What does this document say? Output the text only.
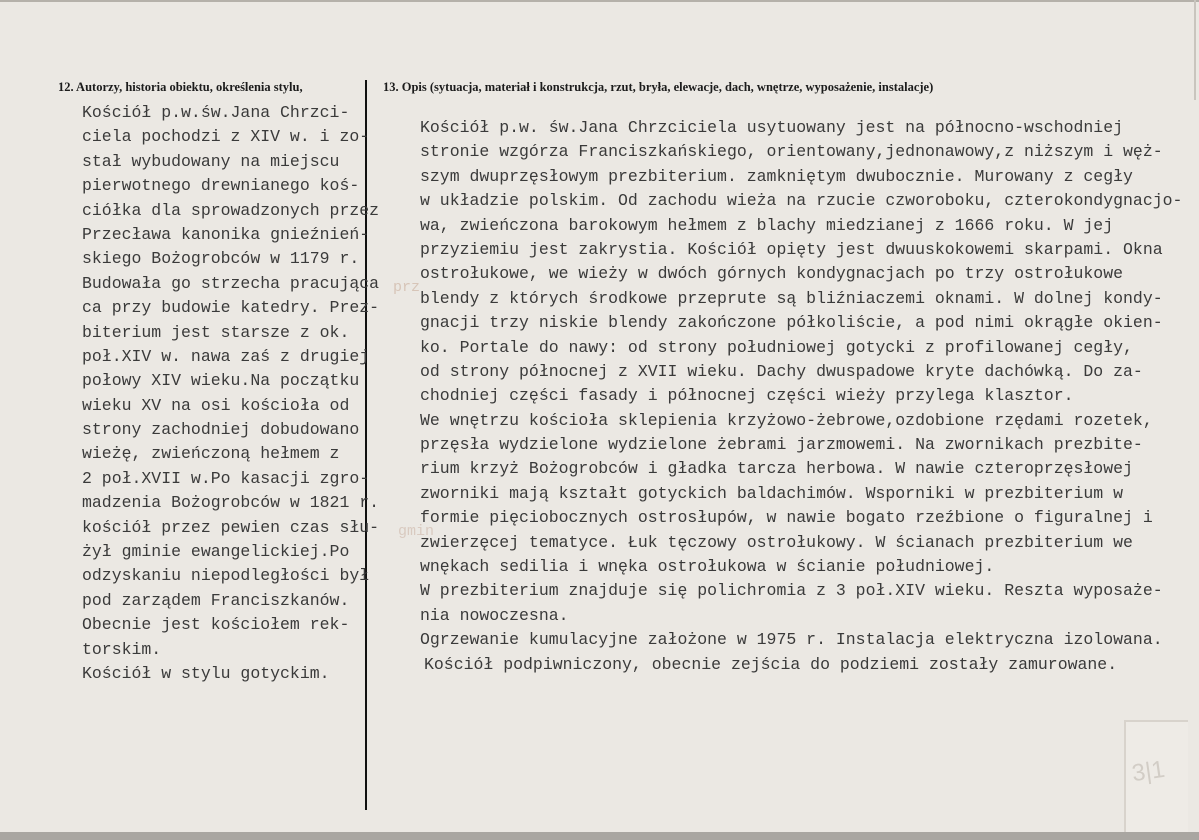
12. Autorzy, historia obiektu, określenia stylu,	13. Opis (sytuacja, materiał i konstrukcja, rzut, bryła, elewacje, dach, wnętrze, wyposażenie, instalacje)
Kościół p.w.św.Jana Chrzci-
ciela pochodzi z XIV w. i zo-
stał wybudowany na miejscu
pierwotnego drewnianego koś-
ciółka dla sprowadzonych przez
Przecława kanonika gnieźnień-
skiego Bożogrobców w 1179 r.
Budowała go strzecha pracująca
ca przy budowie katedry. Prez-
biterium jest starsze z ok.
poł.XIV w. nawa zaś z drugiej
połowy XIV wieku.Na początku
wieku XV na osi kościoła od
strony zachodniej dobudowano
wieżę, zwieńczoną hełmem z
2 poł.XVII w.Po kasacji zgro-
madzenia Bożogrobców w 1821 r.
kościół przez pewien czas słu-
żył gminie ewangelickiej.Po
odzyskaniu niepodległości był
pod zarządem Franciszkanów.
Obecnie jest kościołem rek-
torskim.
Kościół w stylu gotyckim.
Kościół p.w. św.Jana Chrzciciela usytuowany jest na północno-wschodniej
stronie wzgórza Franciszkańskiego, orientowany,jednonawowy,z niższym i węż-
szym dwuprzęsłowym prezbiterium. zamkniętym dwubocznie. Murowany z cegły
w układzie polskim. Od zachodu wieża na rzucie czworoboku, czterokondygnacjo-
wa, zwieńczona barokowym hełmem z blachy miedzianej z 1666 roku. W jej
przyziemiu jest zakrystia. Kościół opięty jest dwuuskokowemi skarpami. Okna
ostrołukowe, we wieży w dwóch górnych kondygnacjach po trzy ostrołukowe
blendy z których środkowe przeprute są bliźniaczemi oknami. W dolnej kondy-
gnacji trzy niskie blendy zakończone półkoliście, a pod nimi okrągłe okien-
ko. Portale do nawy: od strony południowej gotycki z profilowanej cegły,
od strony północnej z XVII wieku. Dachy dwuspadowe kryte dachówką. Do za-
chodniej części fasady i północnej części wieży przylega klasztor.
We wnętrzu kościoła sklepienia krzyżowo-żebrowe,ozdobione rzędami rozetek,
przęsła wydzielone wydzielone żebrami jarzmowemi. Na zwornikach prezbite-
rium krzyż Bożogrobców i gładka tarcza herbowa. W nawie czteroprzęsłowej
zworniki mają kształt gotyckich baldachimów. Wsporniki w prezbiterium w
formie pięciobocznych ostrosłupów, w nawie bogato rzeźbione o figuralnej i
zwierzęcej tematyce. Łuk tęczowy ostrołukowy. W ścianach prezbiterium we
wnękach sedilia i wnęka ostrołukowa w ścianie południowej.
W prezbiterium znajduje się polichromia z 3 poł.XIV wieku. Reszta wyposaże-
nia nowoczesna.
Ogrzewanie kumulacyjne założone w 1975 r. Instalacja elektryczna izolowana.
Kościół podpiwniczony, obecnie zejścia do podziemi zostały zamurowane.
prz
gmin
3|1
